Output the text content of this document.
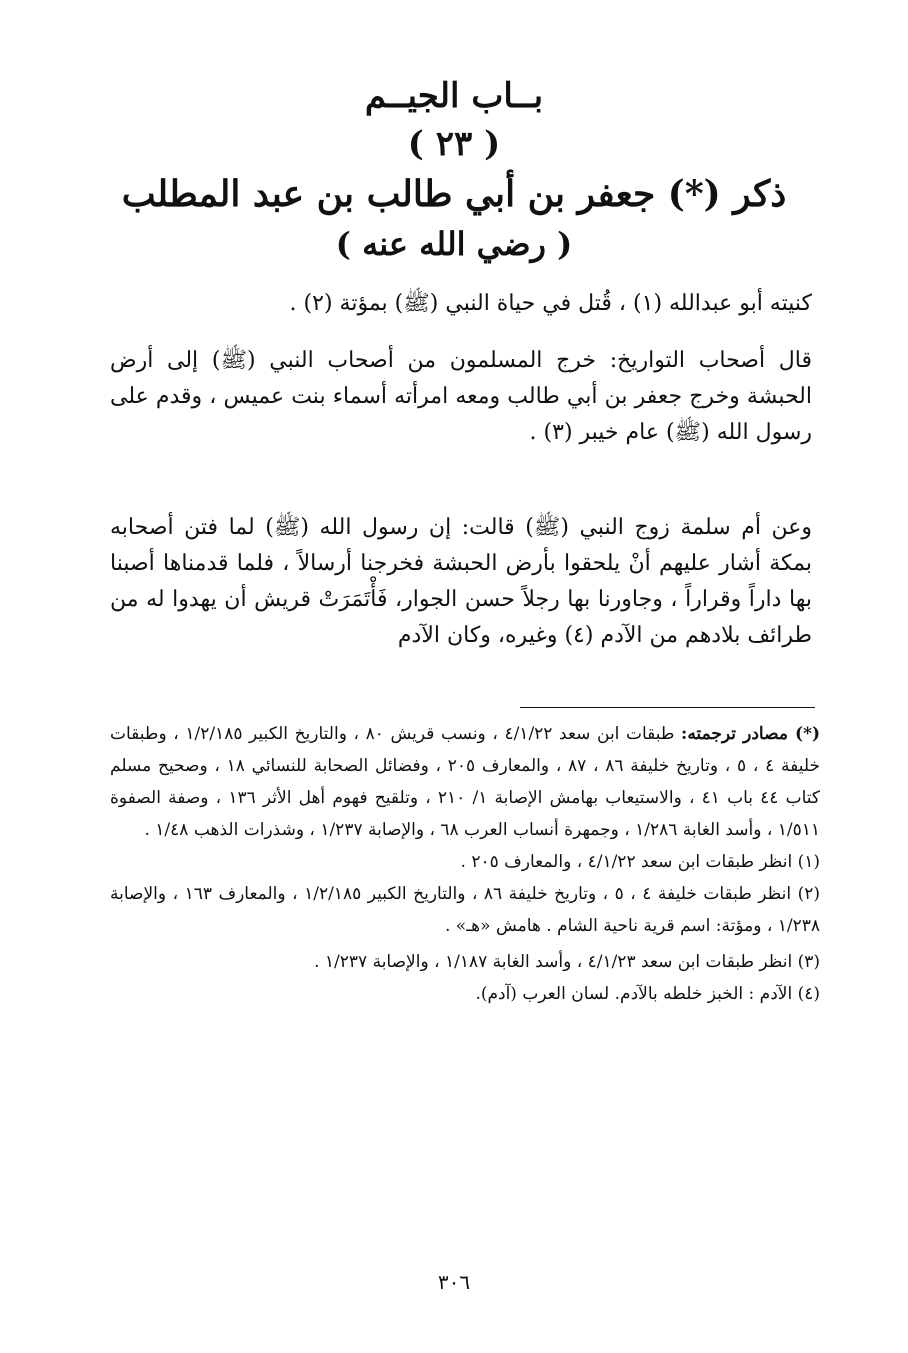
بــاب الجيــم
( ٢٣ )
ذكر (*) جعفر بن أبي طالب بن عبد المطلب
( رضي الله عنه )

كنيته أبو عبدالله (١) ، قُتل في حياة النبي (ﷺ) بمؤتة (٢) .

قال أصحاب التواريخ: خرج المسلمون من أصحاب النبي (ﷺ) إلى أرض الحبشة وخرج جعفر بن أبي طالب ومعه امرأته أسماء بنت عميس ، وقدم على رسول الله (ﷺ) عام خيبر (٣) .

وعن أم سلمة زوج النبي (ﷺ) قالت: إن رسول الله (ﷺ) لما فتن أصحابه بمكة أشار عليهم أنْ يلحقوا بأرض الحبشة فخرجنا أرسالاً ، فلما قدمناها أصبنا بها داراً وقراراً ، وجاورنا بها رجلاً حسن الجوار، فَأْتَمَرَتْ قريش أن يهدوا له من طرائف بلادهم من الآدم (٤) وغيره، وكان الآدم

(*) مصادر ترجمته: طبقات ابن سعد ٤/١/٢٢ ، ونسب قريش ٨٠ ، والتاريخ الكبير ١/٢/١٨٥ ، وطبقات خليفة ٤ ، ٥ ، وتاريخ خليفة ٨٦ ، ٨٧ ، والمعارف ٢٠٥ ، وفضائل الصحابة للنسائي ١٨ ، وصحيح مسلم كتاب ٤٤ باب ٤١ ، والاستيعاب بهامش الإصابة ١/ ٢١٠ ، وتلقيح فهوم أهل الأثر ١٣٦ ، وصفة الصفوة ١/٥١١ ، وأسد الغابة ١/٢٨٦ ، وجمهرة أنساب العرب ٦٨ ، والإصابة ١/٢٣٧ ، وشذرات الذهب ١/٤٨ .

(١) انظر طبقات ابن سعد ٤/١/٢٢ ، والمعارف ٢٠٥ .

(٢) انظر طبقات خليفة ٤ ، ٥ ، وتاريخ خليفة ٨٦ ، والتاريخ الكبير ١/٢/١٨٥ ، والمعارف ١٦٣ ، والإصابة ١/٢٣٨ ، ومؤتة: اسم قرية ناحية الشام . هامش «هـ» .

(٣) انظر طبقات ابن سعد ٤/١/٢٣ ، وأسد الغابة ١/١٨٧ ، والإصابة ١/٢٣٧ .

(٤) الآدم : الخبز خلطه بالآدم. لسان العرب (آدم).

٣٠٦
